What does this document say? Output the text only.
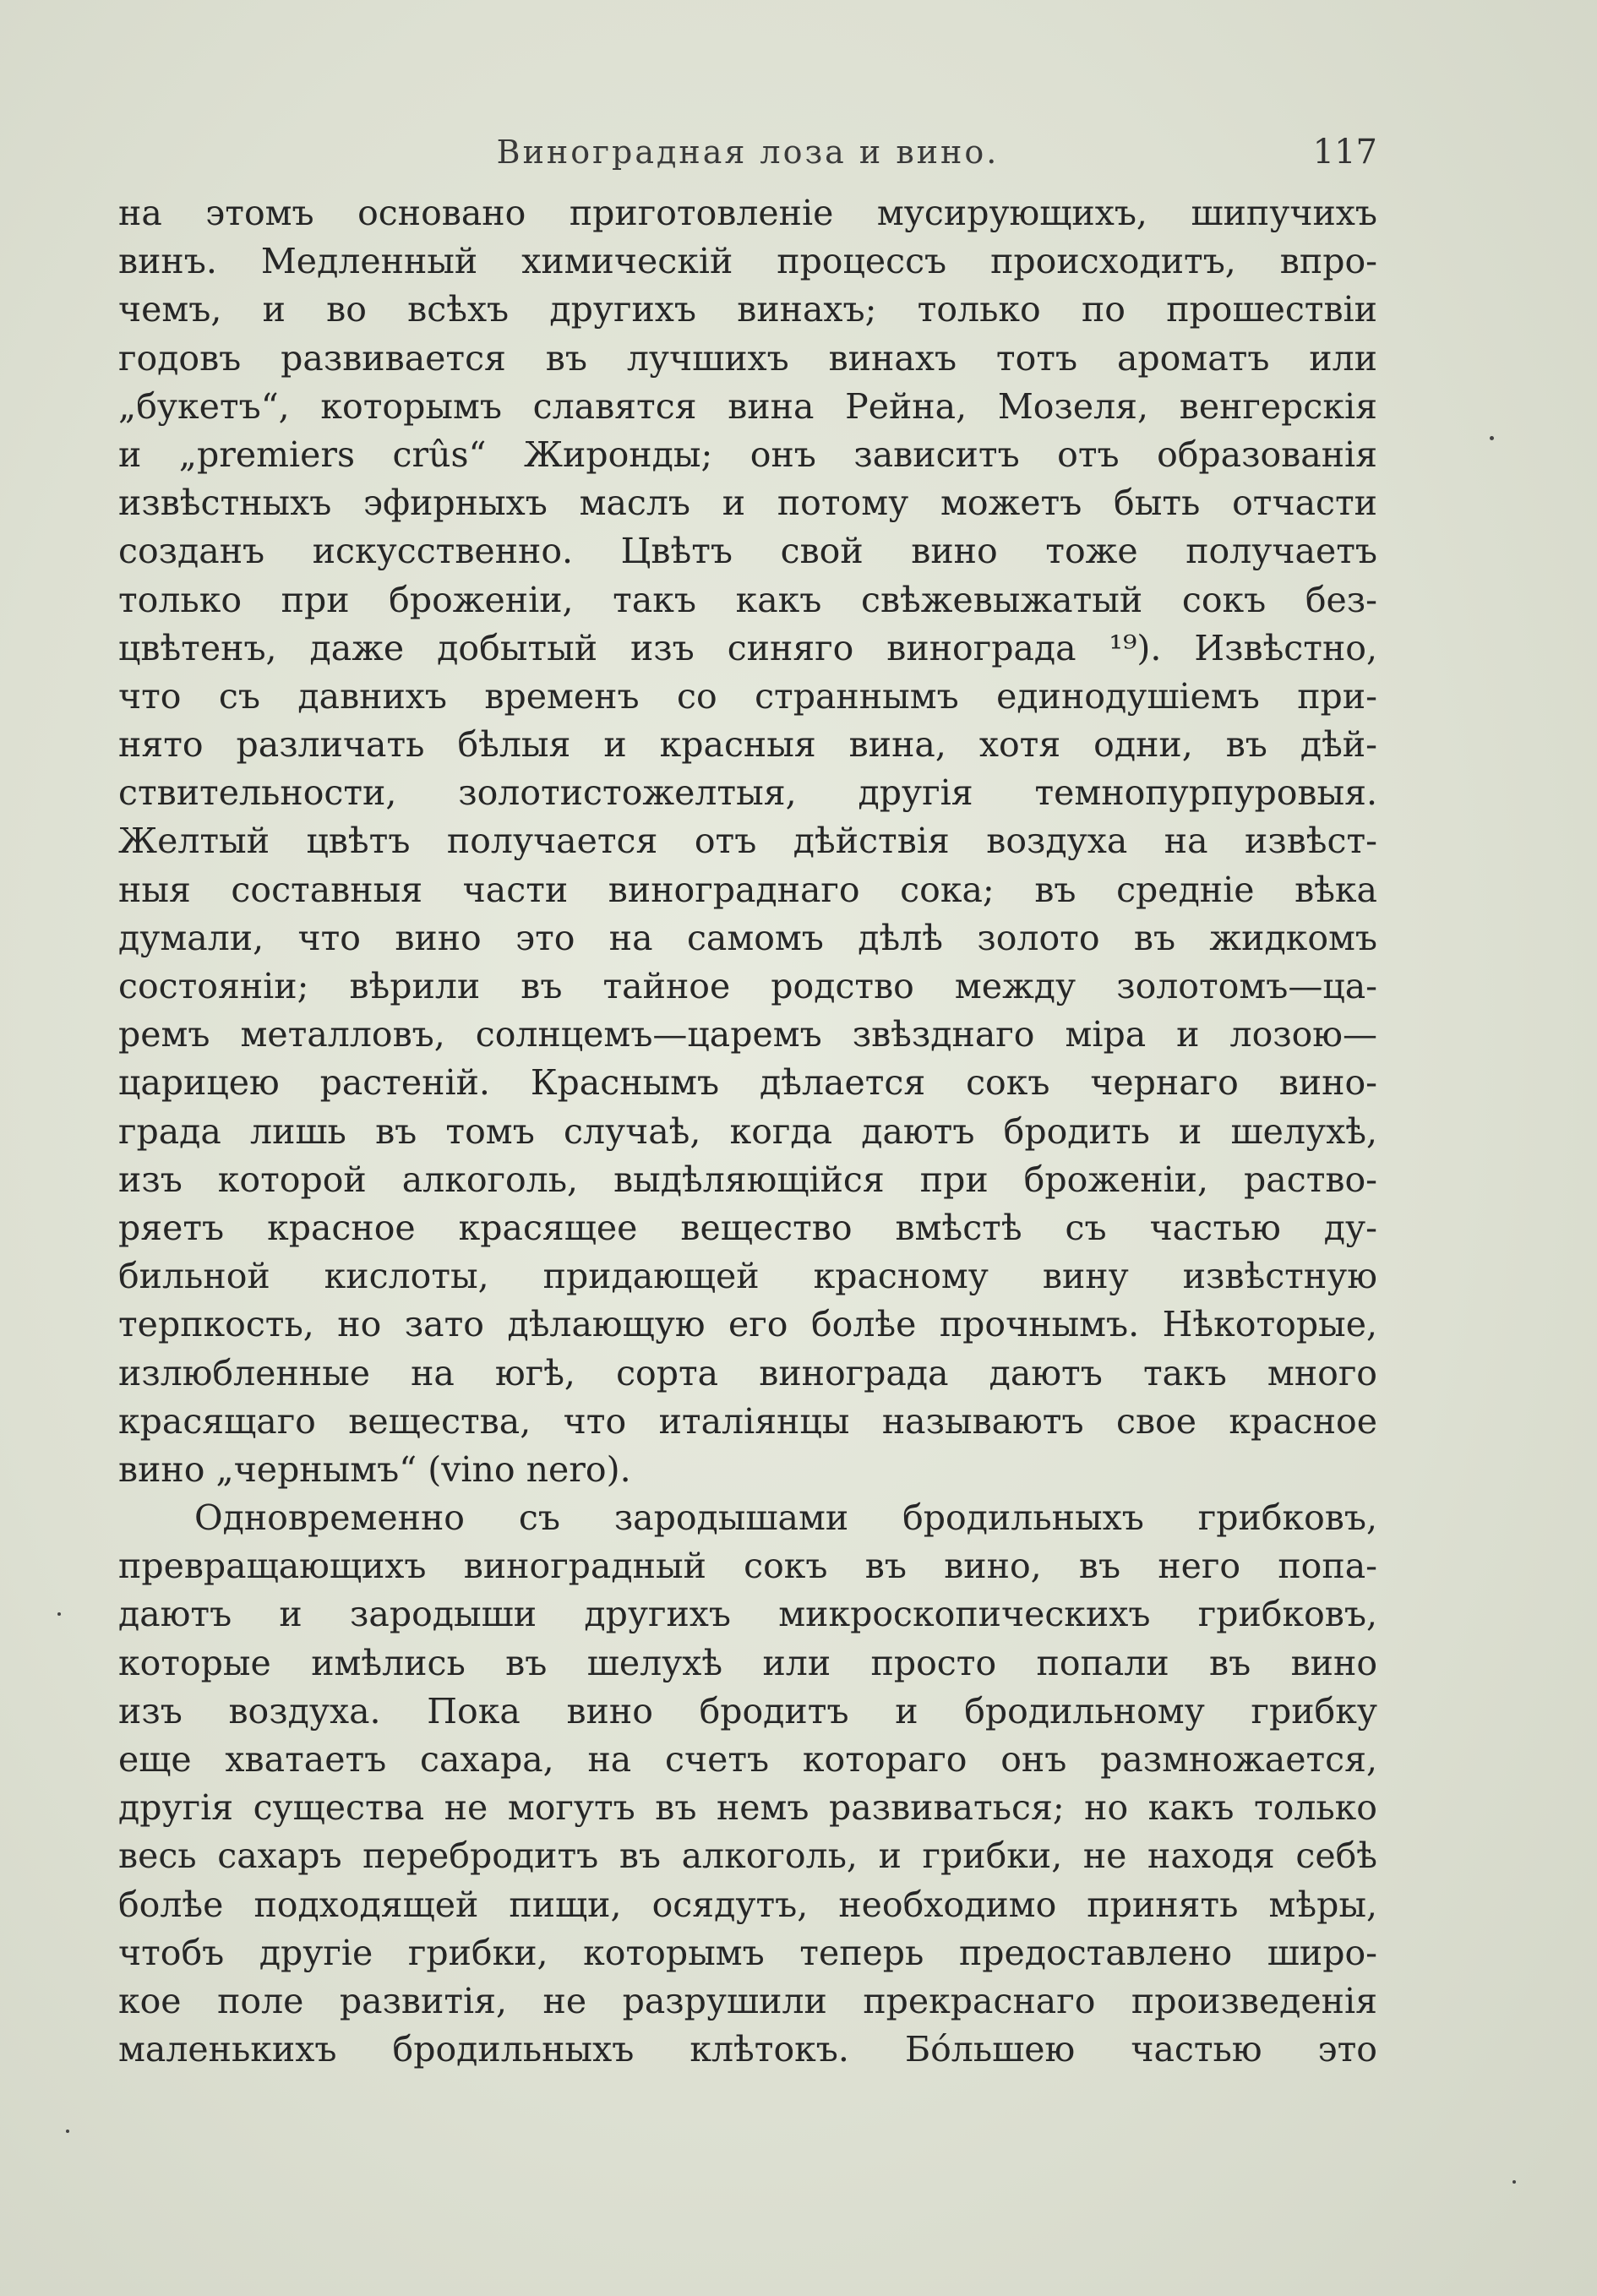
Виноградная лоза и вино.	117
на этомъ основано приготовленіе мусирующихъ, шипучихъ
винъ. Медленный химическій процессъ происходитъ, впро-
чемъ, и во всѣхъ другихъ винахъ; только по прошествіи
годовъ развивается въ лучшихъ винахъ тотъ ароматъ или
„букетъ“, которымъ славятся вина Рейна, Мозеля, венгерскія
и „premiers crûs“ Жиронды; онъ зависитъ отъ образованія
извѣстныхъ эфирныхъ маслъ и потому можетъ быть отчасти
созданъ искусственно. Цвѣтъ свой вино тоже получаетъ
только при броженіи, такъ какъ свѣжевыжатый сокъ без-
цвѣтенъ, даже добытый изъ синяго винограда ¹⁹). Извѣстно,
что съ давнихъ временъ со страннымъ единодушіемъ при-
нято различать бѣлыя и красныя вина, хотя одни, въ дѣй-
ствительности, золотистожелтыя, другія темнопурпуровыя.
Желтый цвѣтъ получается отъ дѣйствія воздуха на извѣст-
ныя составныя части винограднаго сока; въ средніе вѣка
думали, что вино это на самомъ дѣлѣ золото въ жидкомъ
состояніи; вѣрили въ тайное родство между золотомъ—ца-
ремъ металловъ, солнцемъ—царемъ звѣзднаго міра и лозою—
царицею растеній. Краснымъ дѣлается сокъ чернаго вино-
града лишь въ томъ случаѣ, когда даютъ бродить и шелухѣ,
изъ которой алкоголь, выдѣляющійся при броженіи, раство-
ряетъ красное красящее вещество вмѣстѣ съ частью ду-
бильной кислоты, придающей красному вину извѣстную
терпкость, но зато дѣлающую его болѣе прочнымъ. Нѣкоторые,
излюбленные на югѣ, сорта винограда даютъ такъ много
красящаго вещества, что италіянцы называютъ свое красное
вино „чернымъ“ (vino nero).
Одновременно съ зародышами бродильныхъ грибковъ,
превращающихъ виноградный сокъ въ вино, въ него попа-
даютъ и зародыши другихъ микроскопическихъ грибковъ,
которые имѣлись въ шелухѣ или просто попали въ вино
изъ воздуха. Пока вино бродитъ и бродильному грибку
еще хватаетъ сахара, на счетъ котораго онъ размножается,
другія существа не могутъ въ немъ развиваться; но какъ только
весь сахаръ перебродитъ въ алкоголь, и грибки, не находя себѣ
болѣе подходящей пищи, осядутъ, необходимо принять мѣры,
чтобъ другіе грибки, которымъ теперь предоставлено широ-
кое поле развитія, не разрушили прекраснаго произведенія
маленькихъ бродильныхъ клѣтокъ. Бо́льшею частью это
